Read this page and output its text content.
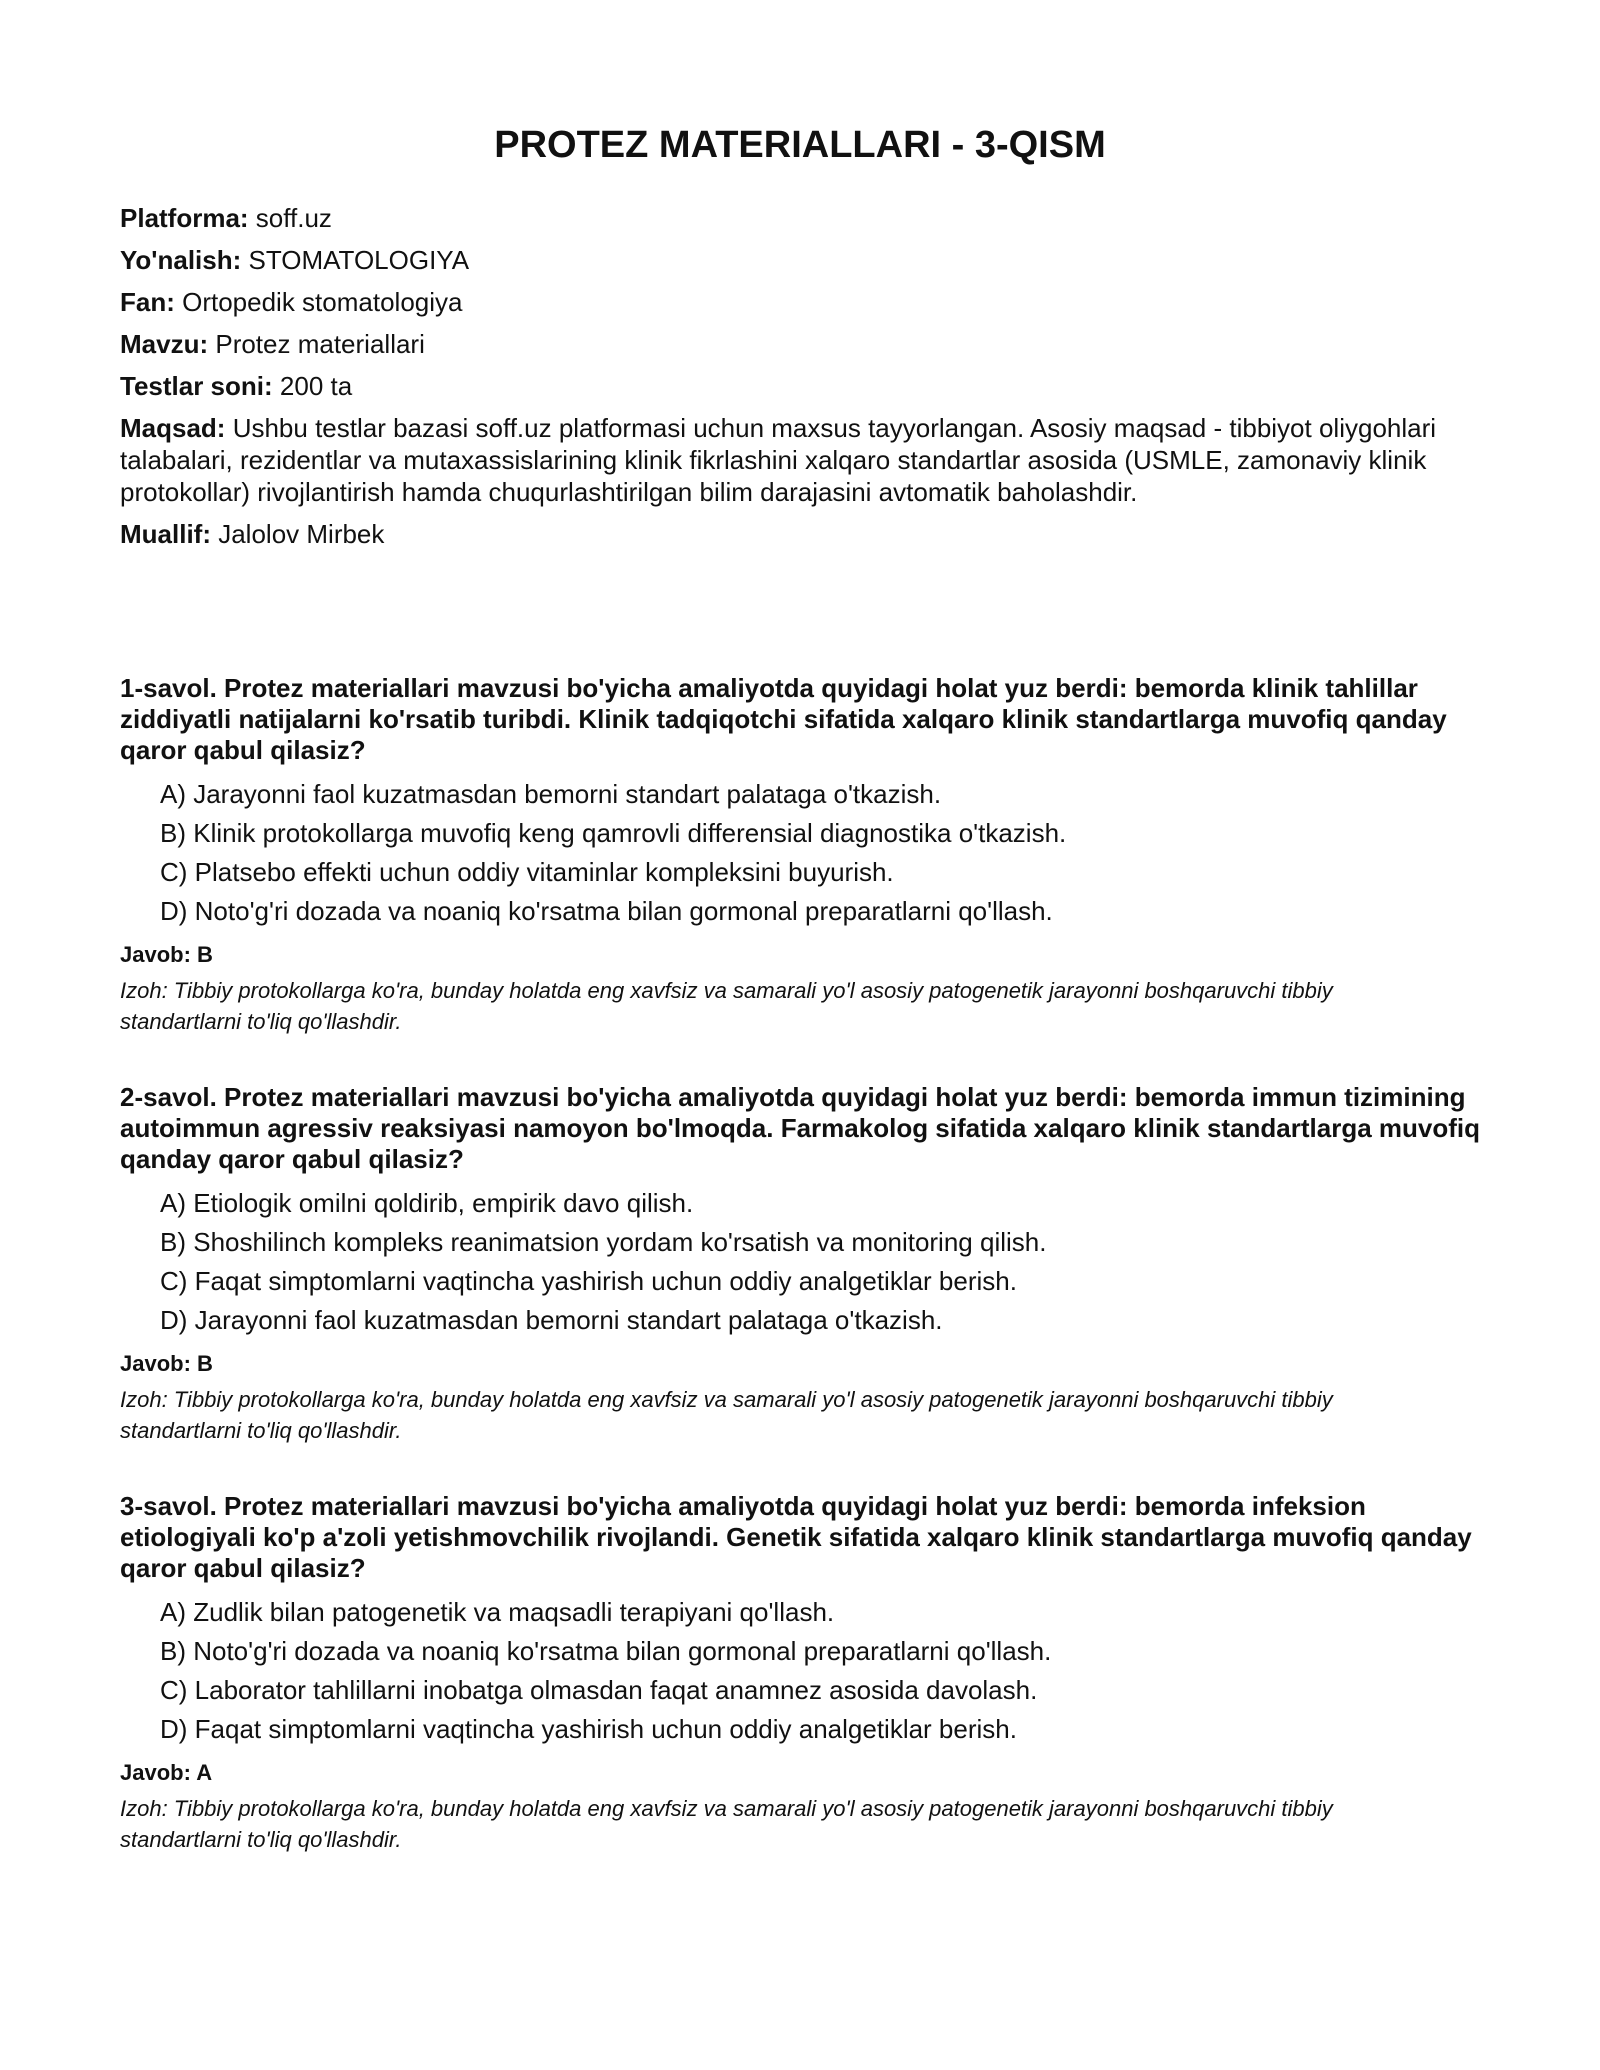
PROTEZ MATERIALLARI - 3-QISM
Platforma: soff.uz
Yo'nalish: STOMATOLOGIYA
Fan: Ortopedik stomatologiya
Mavzu: Protez materiallari
Testlar soni: 200 ta
Maqsad: Ushbu testlar bazasi soff.uz platformasi uchun maxsus tayyorlangan. Asosiy maqsad - tibbiyot oliygohlari talabalari, rezidentlar va mutaxassislarining klinik fikrlashini xalqaro standartlar asosida (USMLE, zamonaviy klinik protokollar) rivojlantirish hamda chuqurlashtirilgan bilim darajasini avtomatik baholashdir.
Muallif: Jalolov Mirbek

1-savol. Protez materiallari mavzusi bo'yicha amaliyotda quyidagi holat yuz berdi: bemorda klinik tahlillar ziddiyatli natijalarni ko'rsatib turibdi. Klinik tadqiqotchi sifatida xalqaro klinik standartlarga muvofiq qanday qaror qabul qilasiz?

A) Jarayonni faol kuzatmasdan bemorni standart palataga o'tkazish.
B) Klinik protokollarga muvofiq keng qamrovli differensial diagnostika o'tkazish.
C) Platsebo effekti uchun oddiy vitaminlar kompleksini buyurish.
D) Noto'g'ri dozada va noaniq ko'rsatma bilan gormonal preparatlarni qo'llash.
Javob: B

Izoh: Tibbiy protokollarga ko'ra, bunday holatda eng xavfsiz va samarali yo'l asosiy patogenetik jarayonni boshqaruvchi tibbiy standartlarni to'liq qo'llashdir.

2-savol. Protez materiallari mavzusi bo'yicha amaliyotda quyidagi holat yuz berdi: bemorda immun tizimining autoimmun agressiv reaksiyasi namoyon bo'lmoqda. Farmakolog sifatida xalqaro klinik standartlarga muvofiq qanday qaror qabul qilasiz?

A) Etiologik omilni qoldirib, empirik davo qilish.
B) Shoshilinch kompleks reanimatsion yordam ko'rsatish va monitoring qilish.
C) Faqat simptomlarni vaqtincha yashirish uchun oddiy analgetiklar berish.
D) Jarayonni faol kuzatmasdan bemorni standart palataga o'tkazish.
Javob: B

Izoh: Tibbiy protokollarga ko'ra, bunday holatda eng xavfsiz va samarali yo'l asosiy patogenetik jarayonni boshqaruvchi tibbiy standartlarni to'liq qo'llashdir.

3-savol. Protez materiallari mavzusi bo'yicha amaliyotda quyidagi holat yuz berdi: bemorda infeksion etiologiyali ko'p a'zoli yetishmovchilik rivojlandi. Genetik sifatida xalqaro klinik standartlarga muvofiq qanday qaror qabul qilasiz?

A) Zudlik bilan patogenetik va maqsadli terapiyani qo'llash.
B) Noto'g'ri dozada va noaniq ko'rsatma bilan gormonal preparatlarni qo'llash.
C) Laborator tahlillarni inobatga olmasdan faqat anamnez asosida davolash.
D) Faqat simptomlarni vaqtincha yashirish uchun oddiy analgetiklar berish.
Javob: A

Izoh: Tibbiy protokollarga ko'ra, bunday holatda eng xavfsiz va samarali yo'l asosiy patogenetik jarayonni boshqaruvchi tibbiy standartlarni to'liq qo'llashdir.
